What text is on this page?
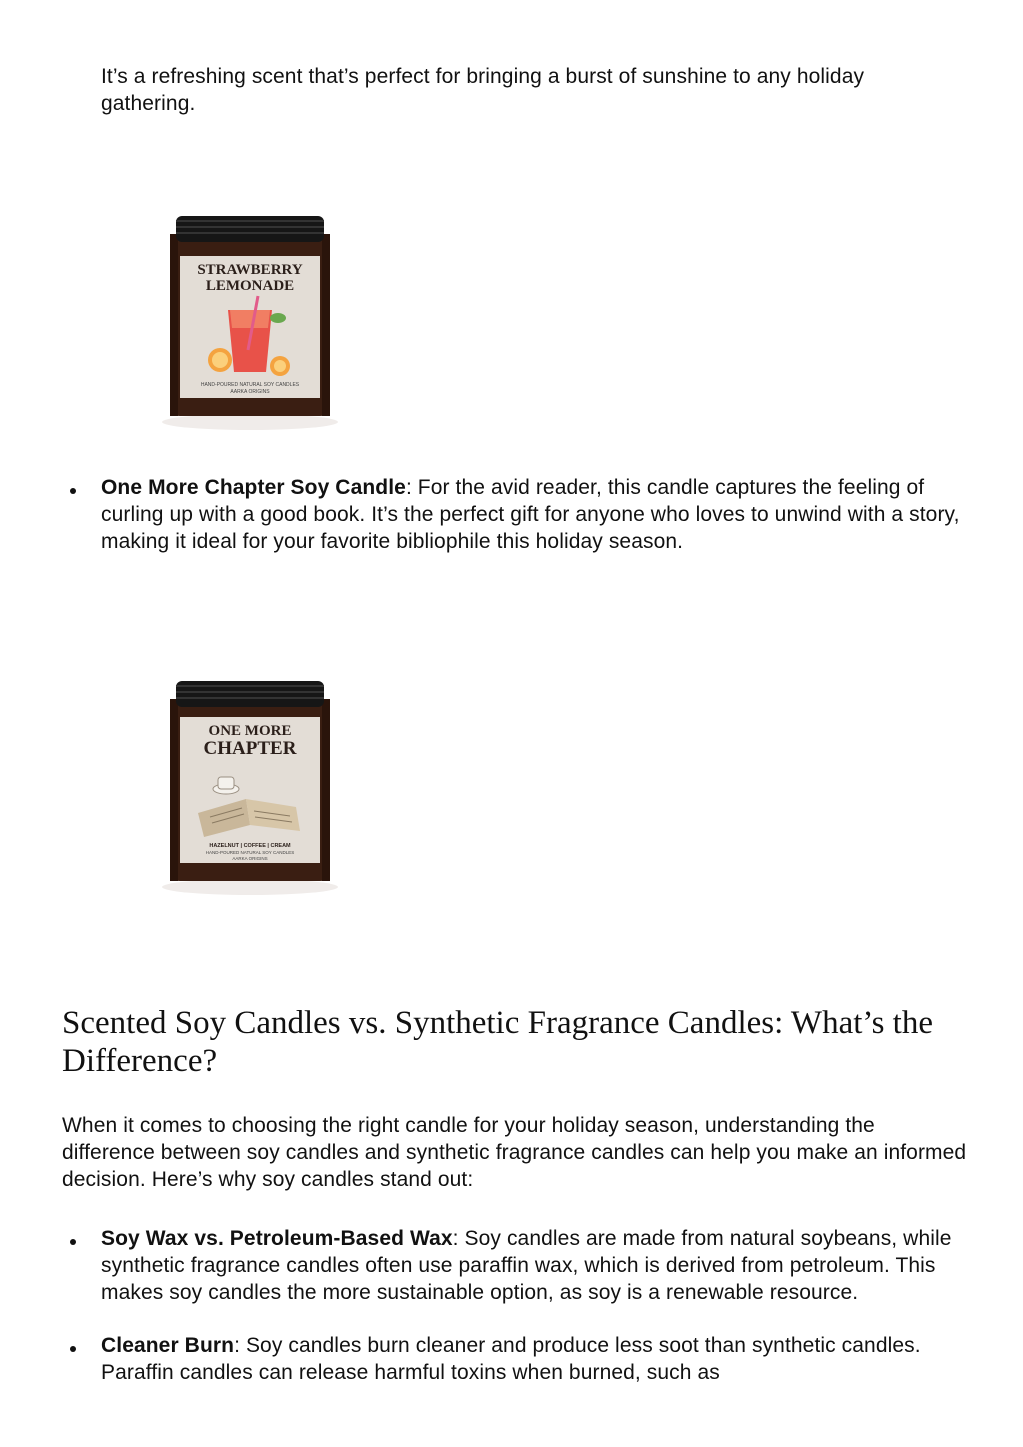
It’s a refreshing scent that’s perfect for bringing a burst of sunshine to any holiday gathering.

STRAWBERRY
LEMONADE
HAND-POURED NATURAL SOY CANDLES
AARKA ORIGINS

One More Chapter Soy Candle: For the avid reader, this candle captures the feeling of curling up with a good book. It’s the perfect gift for anyone who loves to unwind with a story, making it ideal for your favorite bibliophile this holiday season.

ONE MORE
CHAPTER
HAZELNUT | COFFEE | CREAM
HAND-POURED NATURAL SOY CANDLES
AARKA ORIGINS
Scented Soy Candles vs. Synthetic Fragrance Candles: What’s the Difference?

When it comes to choosing the right candle for your holiday season, understanding the difference between soy candles and synthetic fragrance candles can help you make an informed decision. Here’s why soy candles stand out:

Soy Wax vs. Petroleum-Based Wax: Soy candles are made from natural soybeans, while synthetic fragrance candles often use paraffin wax, which is derived from petroleum. This makes soy candles the more sustainable option, as soy is a renewable resource.

Cleaner Burn: Soy candles burn cleaner and produce less soot than synthetic candles. Paraffin candles can release harmful toxins when burned, such as
